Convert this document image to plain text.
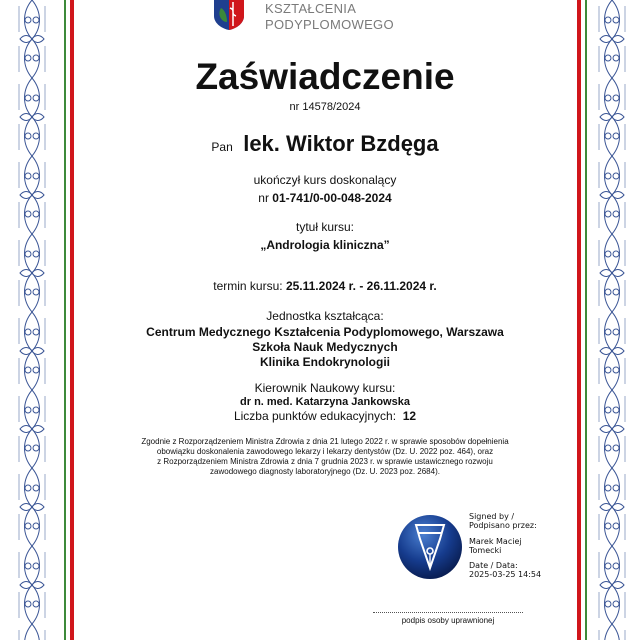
KSZTAŁCENIA
PODYPLOMOWEGO
Zaświadczenie
nr 14578/2024
Pan lek. Wiktor Bzdęga
ukończył kurs doskonalący
nr 01-741/0-00-048-2024
tytuł kursu:
„Andrologia kliniczna”
termin kursu: 25.11.2024 r. - 26.11.2024 r.
Jednostka kształcąca:
Centrum Medycznego Kształcenia Podyplomowego, Warszawa
Szkoła Nauk Medycznych
Klinika Endokrynologii
Kierownik Naukowy kursu:
dr n. med. Katarzyna Jankowska
Liczba punktów edukacyjnych: 12
Zgodnie z Rozporządzeniem Ministra Zdrowia z dnia 21 lutego 2022 r. w sprawie sposobów dopełnienia
obowiązku doskonalenia zawodowego lekarzy i lekarzy dentystów (Dz. U. 2022 poz. 464), oraz
z Rozporządzeniem Ministra Zdrowia z dnia 7 grudnia 2023 r. w sprawie ustawicznego rozwoju
zawodowego diagnosty laboratoryjnego (Dz. U. 2023 poz. 2684).
Signed by /
Podpisano przez:
Marek Maciej
Tomecki
Date / Data:
2025-03-25 14:54
podpis osoby uprawnionej
